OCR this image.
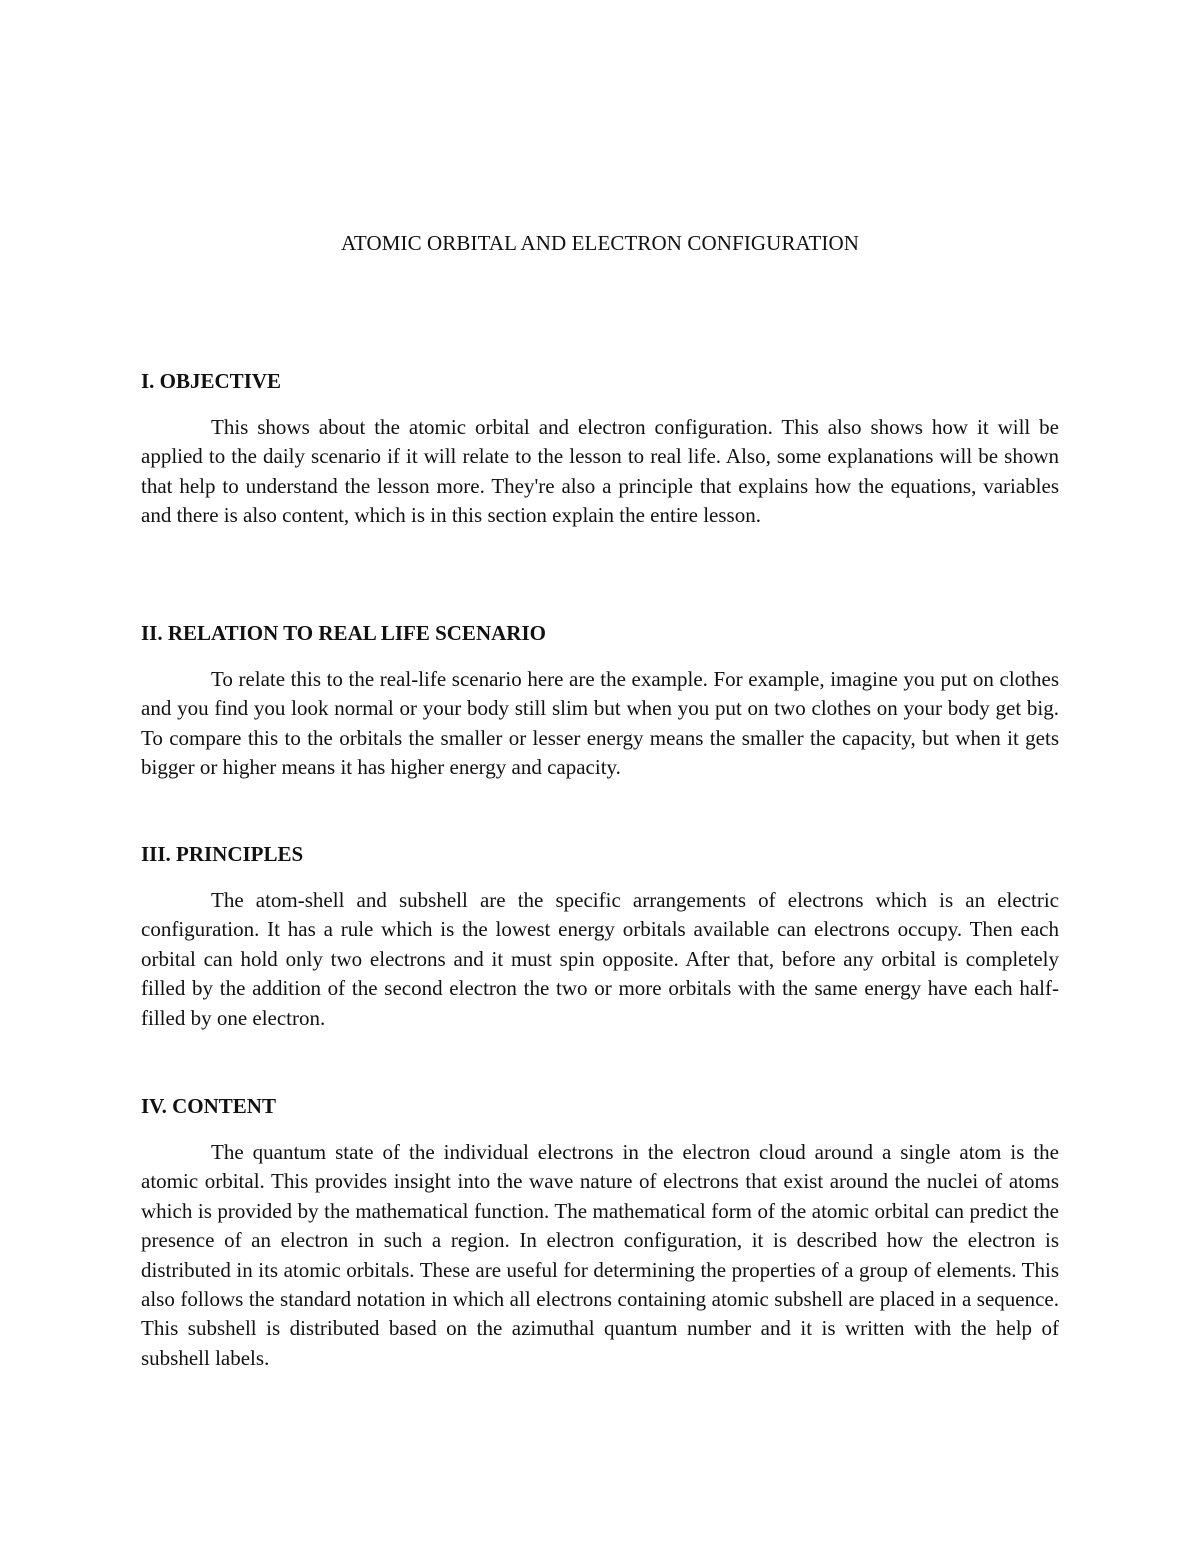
ATOMIC ORBITAL AND ELECTRON CONFIGURATION
I. OBJECTIVE

This shows about the atomic orbital and electron configuration. This also shows how it will be applied to the daily scenario if it will relate to the lesson to real life. Also, some explanations will be shown that help to understand the lesson more. They're also a principle that explains how the equations, variables and there is also content, which is in this section explain the entire lesson.

II. RELATION TO REAL LIFE SCENARIO

To relate this to the real-life scenario here are the example. For example, imagine you put on clothes and you find you look normal or your body still slim but when you put on two clothes on your body get big. To compare this to the orbitals the smaller or lesser energy means the smaller the capacity, but when it gets bigger or higher means it has higher energy and capacity.

III. PRINCIPLES

The atom-shell and subshell are the specific arrangements of electrons which is an electric configuration. It has a rule which is the lowest energy orbitals available can electrons occupy. Then each orbital can hold only two electrons and it must spin opposite. After that, before any orbital is completely filled by the addition of the second electron the two or more orbitals with the same energy have each half-filled by one electron.

IV. CONTENT

The quantum state of the individual electrons in the electron cloud around a single atom is the atomic orbital. This provides insight into the wave nature of electrons that exist around the nuclei of atoms which is provided by the mathematical function. The mathematical form of the atomic orbital can predict the presence of an electron in such a region. In electron configuration, it is described how the electron is distributed in its atomic orbitals. These are useful for determining the properties of a group of elements. This also follows the standard notation in which all electrons containing atomic subshell are placed in a sequence. This subshell is distributed based on the azimuthal quantum number and it is written with the help of subshell labels.
